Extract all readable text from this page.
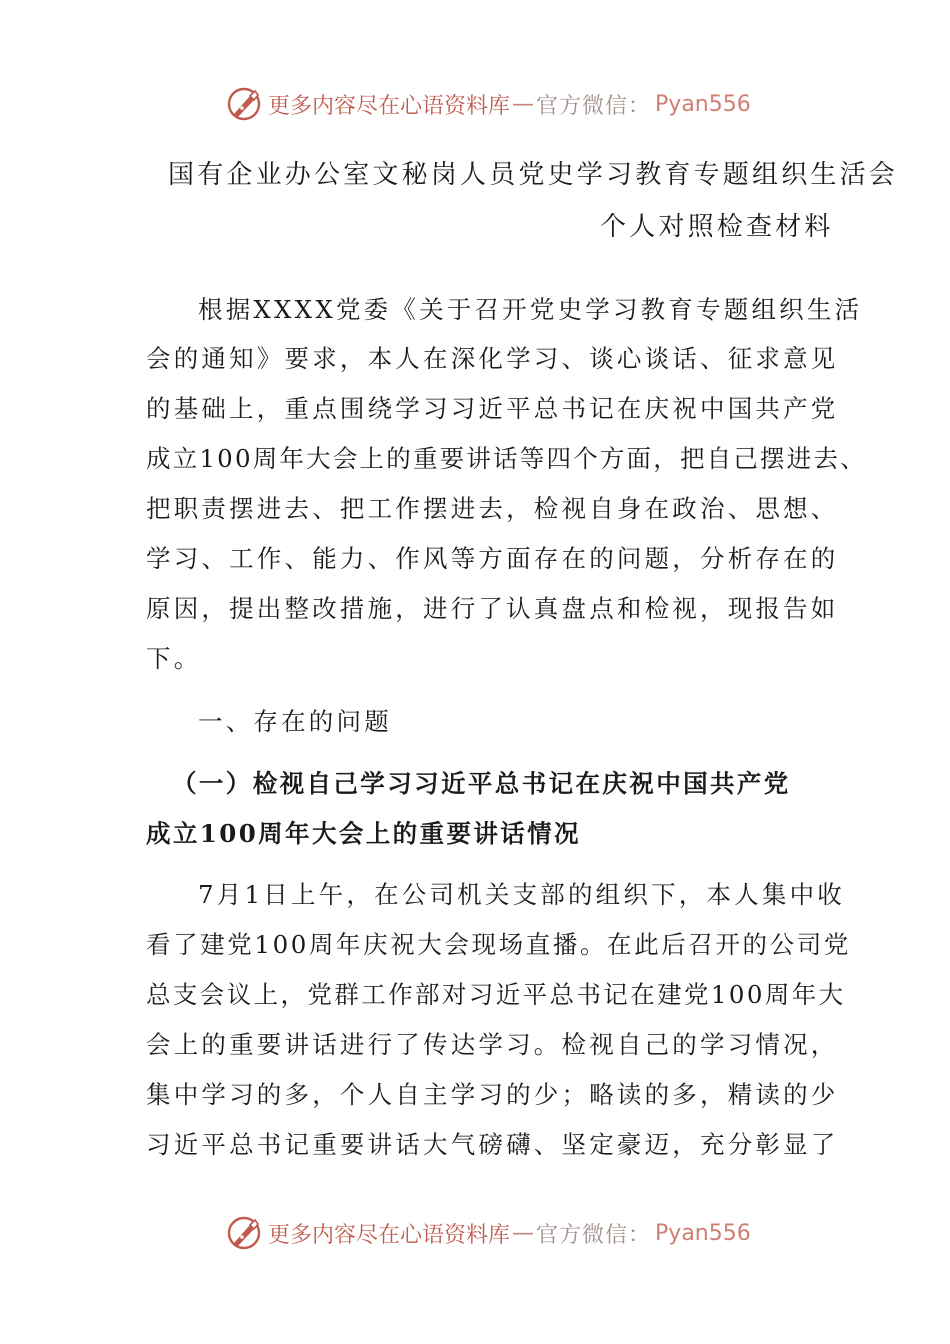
更多内容尽在心语资料库 — 官方微信： Pyan556
国有企业办公室文秘岗人员党史学习教育专题组织生活会
个人对照检查材料
根据XXXX党委《关于召开党史学习教育专题组织生活
会的通知》要求，本人在深化学习、谈心谈话、征求意见
的基础上，重点围绕学习习近平总书记在庆祝中国共产党
成立100周年大会上的重要讲话等四个方面，把自己摆进去、
把职责摆进去、把工作摆进去，检视自身在政治、思想、
学习、工作、能力、作风等方面存在的问题，分析存在的
原因，提出整改措施，进行了认真盘点和检视，现报告如
下。
一、存在的问题
（一）检视自己学习习近平总书记在庆祝中国共产党
成立100周年大会上的重要讲话情况
7月1日上午，在公司机关支部的组织下，本人集中收
看了建党100周年庆祝大会现场直播。在此后召开的公司党
总支会议上，党群工作部对习近平总书记在建党100周年大
会上的重要讲话进行了传达学习。检视自己的学习情况，
集中学习的多，个人自主学习的少；略读的多，精读的少
习近平总书记重要讲话大气磅礴、坚定豪迈，充分彰显了
更多内容尽在心语资料库 — 官方微信： Pyan556
